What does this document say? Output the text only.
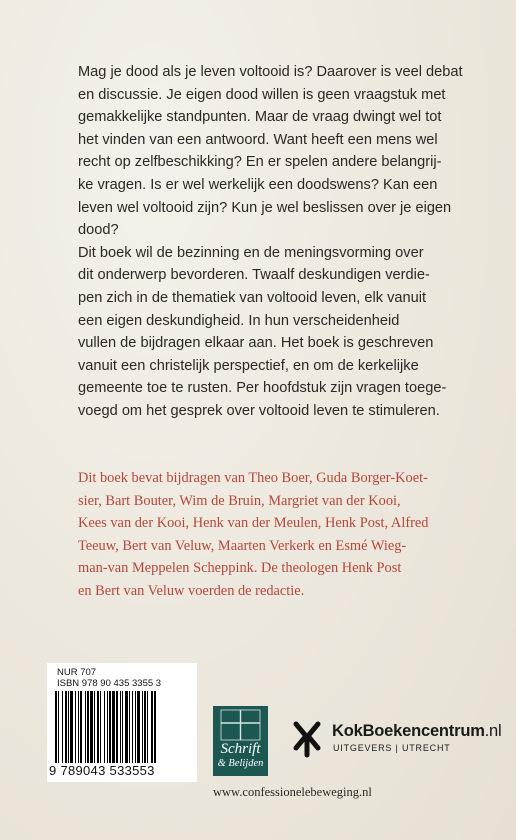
Mag je dood als je leven voltooid is? Daarover is veel debat
en discussie. Je eigen dood willen is geen vraagstuk met
gemakkelijke standpunten. Maar de vraag dwingt wel tot
het vinden van een antwoord. Want heeft een mens wel
recht op zelfbeschikking? En er spelen andere belangrij-
ke vragen. Is er wel werkelijk een doodswens? Kan een
leven wel voltooid zijn? Kun je wel beslissen over je eigen
dood?
Dit boek wil de bezinning en de meningsvorming over
dit onderwerp bevorderen. Twaalf deskundigen verdie-
pen zich in de thematiek van voltooid leven, elk vanuit
een eigen deskundigheid. In hun verscheidenheid
vullen de bijdragen elkaar aan. Het boek is geschreven
vanuit een christelijk perspectief, en om de kerkelijke
gemeente toe te rusten. Per hoofdstuk zijn vragen toege-
voegd om het gesprek over voltooid leven te stimuleren.
Dit boek bevat bijdragen van Theo Boer, Guda Borger-Koet-
sier, Bart Bouter, Wim de Bruin, Margriet van der Kooi,
Kees van der Kooi, Henk van der Meulen, Henk Post, Alfred
Teeuw, Bert van Veluw, Maarten Verkerk en Esmé Wieg-
man-van Meppelen Scheppink. De theologen Henk Post
en Bert van Veluw voerden de redactie.
NUR 707
ISBN 978 90 435 3355 3
9 789043 533553
Schrift
& Belijden
KokBoekencentrum.nl
UITGEVERS | UTRECHT
www.confessionelebeweging.nl
